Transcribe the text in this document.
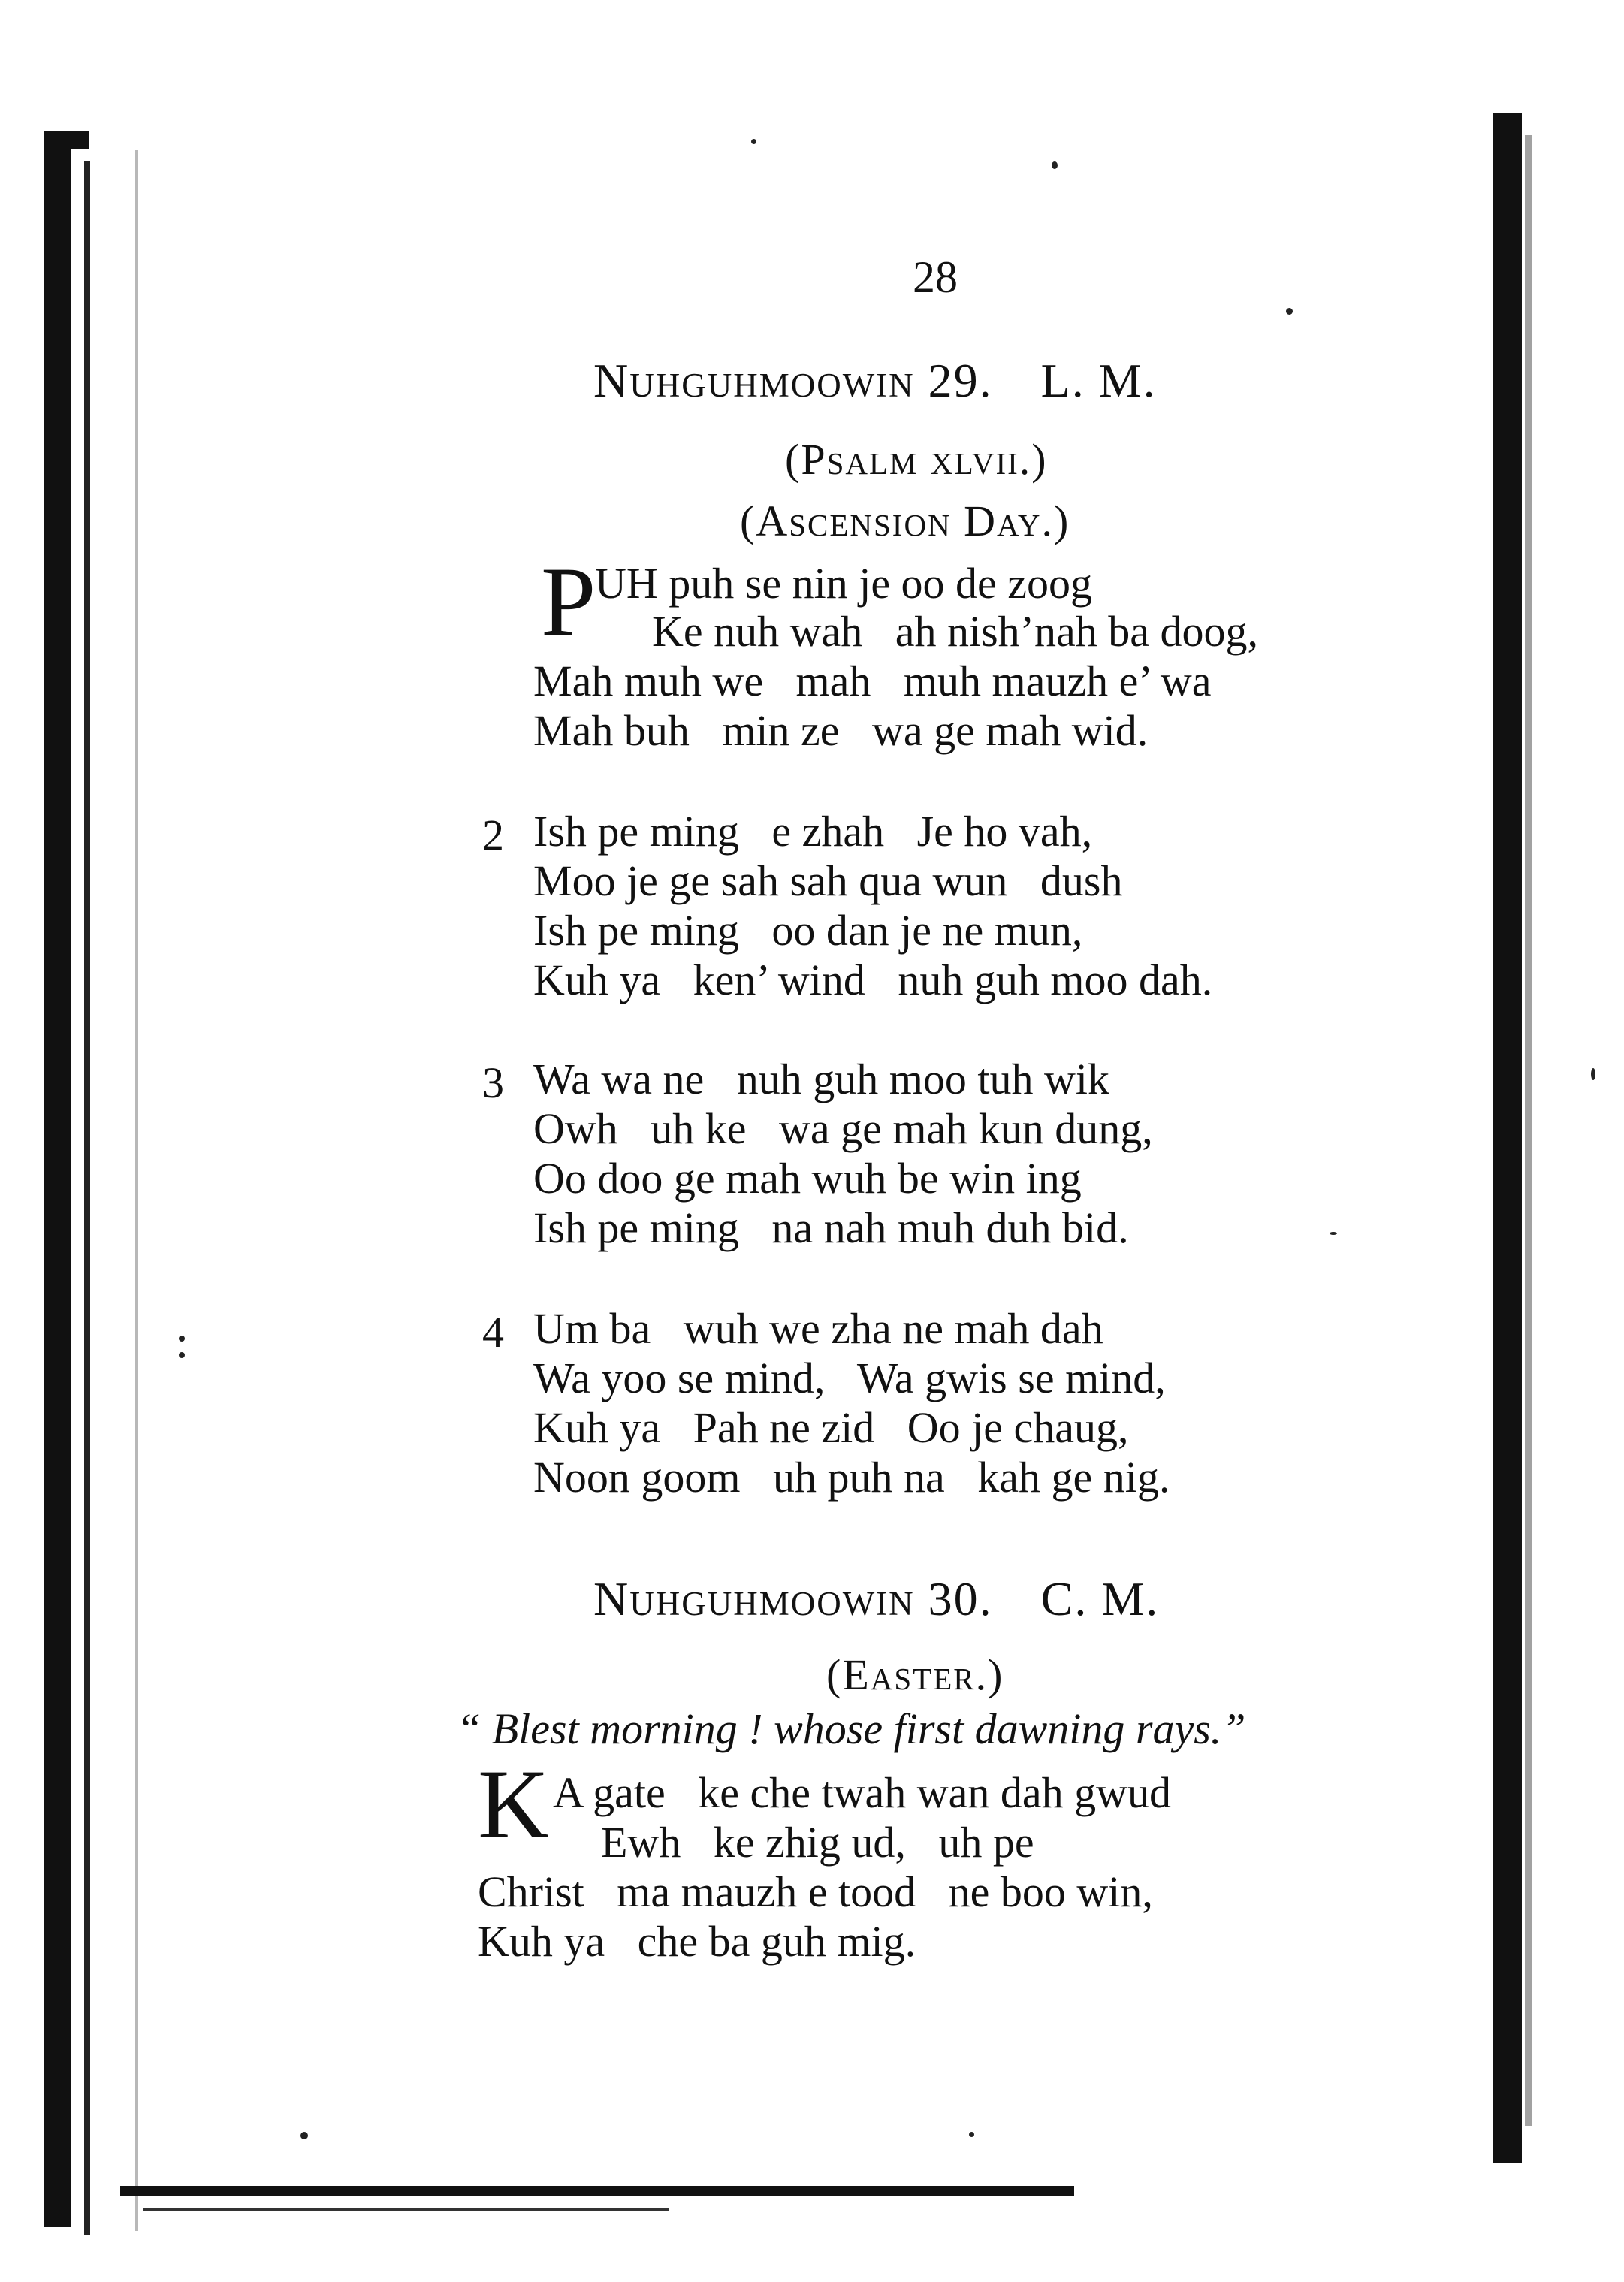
28
Nuhguhmoowin 29. L. M.
(Psalm xlvii.)
(Ascension Day.)
P
UH puh se nin je oo de zoog
Ke nuh wah   ah nish’nah ba doog,
Mah muh we   mah   muh mauzh e’ wa
Mah buh   min ze   wa ge mah wid.
2 Ish pe ming   e zhah   Je ho vah,
Moo je ge sah sah qua wun   dush
Ish pe ming   oo dan je ne mun,
Kuh ya   ken’ wind   nuh guh moo dah.
3 Wa wa ne   nuh guh moo tuh wik
Owh   uh ke   wa ge mah kun dung,
Oo doo ge mah wuh be win ing
Ish pe ming   na nah muh duh bid.
4 Um ba   wuh we zha ne mah dah
Wa yoo se mind,   Wa gwis se mind,
Kuh ya   Pah ne zid   Oo je chaug,
Noon goom   uh puh na   kah ge nig.
Nuhguhmoowin 30. C. M.
(Easter.)
“ Blest morning ! whose first dawning rays.”
K A gate   ke che twah wan dah gwud
Ewh   ke zhig ud,   uh pe
Christ   ma mauzh e tood   ne boo win,
Kuh ya   che ba guh mig.
